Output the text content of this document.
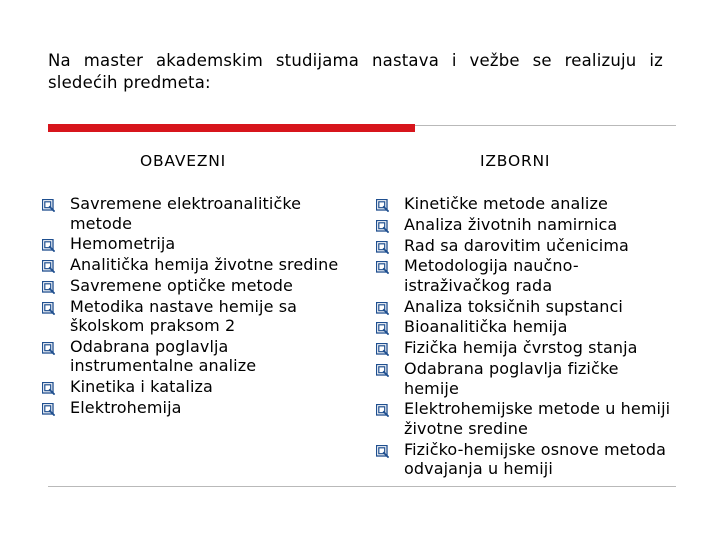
Na master akademskim studijama nastava i vežbe se realizuju iz sledećih predmeta:
OBAVEZNI	IZBORNI
Savremene elektroanalitičke metode
Hemometrija
Analitička hemija životne sredine
Savremene optičke metode
Metodika nastave hemije sa školskom praksom 2
Odabrana poglavlja instrumentalne analize
Kinetika i kataliza
Elektrohemija
Kinetičke metode analize
Analiza životnih namirnica
Rad sa darovitim učenicima
Metodologija naučno-istraživačkog rada
Analiza toksičnih supstanci
Bioanalitička hemija
Fizička hemija čvrstog stanja
Odabrana poglavlja fizičke hemije
Elektrohemijske metode u hemiji životne sredine
Fizičko-hemijske osnove metoda odvajanja u hemiji
